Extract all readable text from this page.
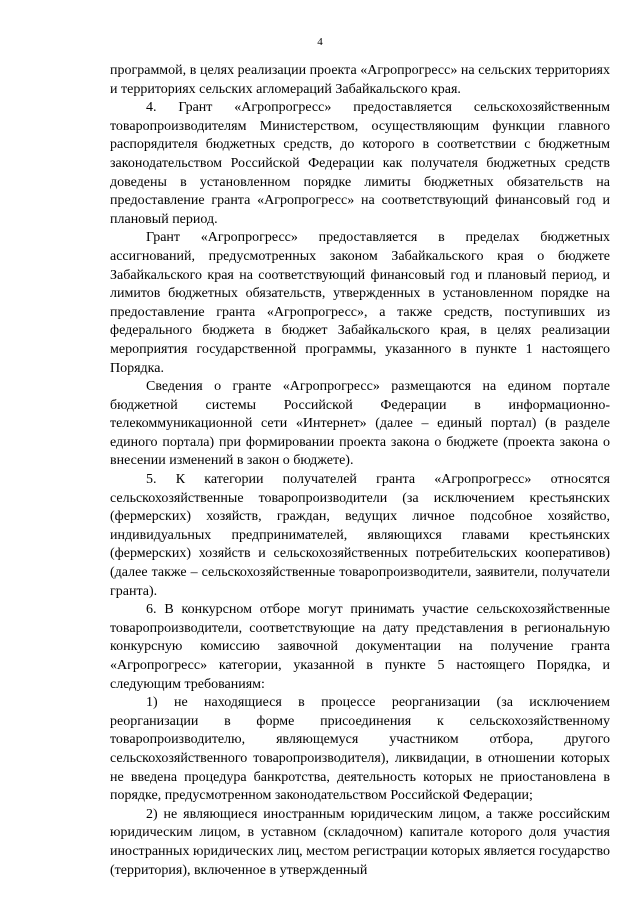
4

программой, в целях реализации проекта «Агропрогресс» на сельских территориях и территориях сельских агломераций Забайкальского края.

4. Грант «Агропрогресс» предоставляется сельскохозяйственным товаропроизводителям Министерством, осуществляющим функции главного распорядителя бюджетных средств, до которого в соответствии с бюджетным законодательством Российской Федерации как получателя бюджетных средств доведены в установленном порядке лимиты бюджетных обязательств на предоставление гранта «Агропрогресс» на соответствующий финансовый год и плановый период.

Грант «Агропрогресс» предоставляется в пределах бюджетных ассигнований, предусмотренных законом Забайкальского края о бюджете Забайкальского края на соответствующий финансовый год и плановый период, и лимитов бюджетных обязательств, утвержденных в установленном порядке на предоставление гранта «Агропрогресс», а также средств, поступивших из федерального бюджета в бюджет Забайкальского края, в целях реализации мероприятия государственной программы, указанного в пункте 1 настоящего Порядка.

Сведения о гранте «Агропрогресс» размещаются на едином портале бюджетной системы Российской Федерации в информационно-телекоммуникационной сети «Интернет» (далее – единый портал) (в разделе единого портала) при формировании проекта закона о бюджете (проекта закона о внесении изменений в закон о бюджете).

5. К категории получателей гранта «Агропрогресс» относятся сельскохозяйственные товаропроизводители (за исключением крестьянских (фермерских) хозяйств, граждан, ведущих личное подсобное хозяйство, индивидуальных предпринимателей, являющихся главами крестьянских (фермерских) хозяйств и сельскохозяйственных потребительских кооперативов) (далее также – сельскохозяйственные товаропроизводители, заявители, получатели гранта).

6. В конкурсном отборе могут принимать участие сельскохозяйственные товаропроизводители, соответствующие на дату представления в региональную конкурсную комиссию заявочной документации на получение гранта «Агропрогресс» категории, указанной в пункте 5 настоящего Порядка, и следующим требованиям:

1) не находящиеся в процессе реорганизации (за исключением реорганизации в форме присоединения к сельскохозяйственному товаропроизводителю, являющемуся участником отбора, другого сельскохозяйственного товаропроизводителя), ликвидации, в отношении которых не введена процедура банкротства, деятельность которых не приостановлена в порядке, предусмотренном законодательством Российской Федерации;

2) не являющиеся иностранным юридическим лицом, а также российским юридическим лицом, в уставном (складочном) капитале которого доля участия иностранных юридических лиц, местом регистрации которых является государство (территория), включенное в утвержденный
